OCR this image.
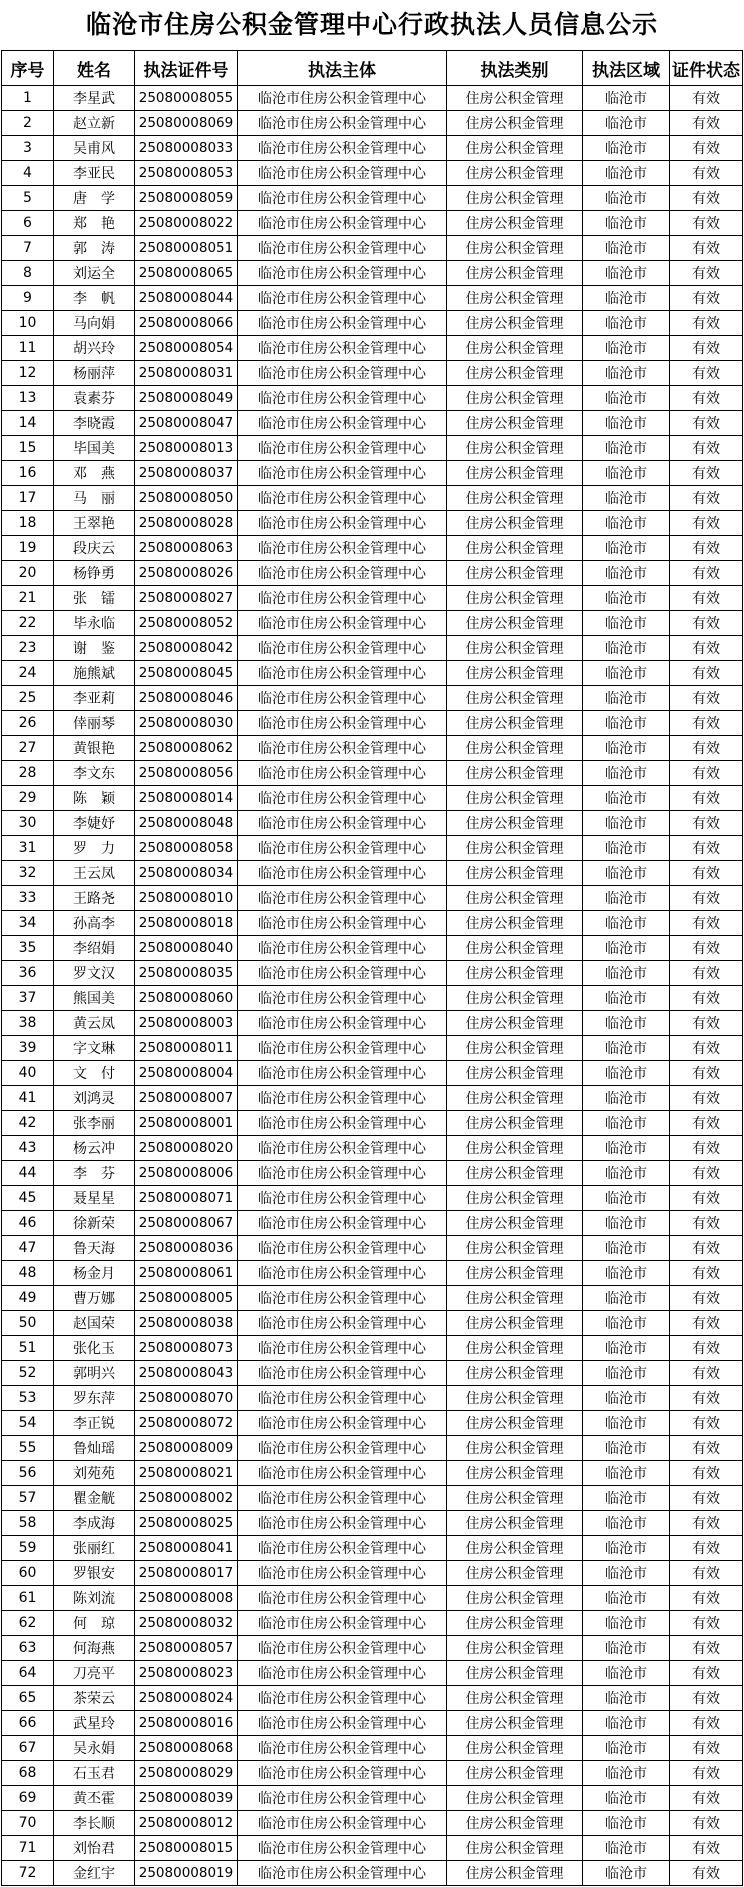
临沧市住房公积金管理中心行政执法人员信息公示
序号	姓名	执法证件号	执法主体	执法类别	执法区域	证件状态
1	李星武	25080008055	临沧市住房公积金管理中心	住房公积金管理	临沧市	有效
2	赵立新	25080008069	临沧市住房公积金管理中心	住房公积金管理	临沧市	有效
3	吴甫风	25080008033	临沧市住房公积金管理中心	住房公积金管理	临沧市	有效
4	李亚民	25080008053	临沧市住房公积金管理中心	住房公积金管理	临沧市	有效
5	唐　学	25080008059	临沧市住房公积金管理中心	住房公积金管理	临沧市	有效
6	郑　艳	25080008022	临沧市住房公积金管理中心	住房公积金管理	临沧市	有效
7	郭　涛	25080008051	临沧市住房公积金管理中心	住房公积金管理	临沧市	有效
8	刘运全	25080008065	临沧市住房公积金管理中心	住房公积金管理	临沧市	有效
9	李　帆	25080008044	临沧市住房公积金管理中心	住房公积金管理	临沧市	有效
10	马向娟	25080008066	临沧市住房公积金管理中心	住房公积金管理	临沧市	有效
11	胡兴玲	25080008054	临沧市住房公积金管理中心	住房公积金管理	临沧市	有效
12	杨丽萍	25080008031	临沧市住房公积金管理中心	住房公积金管理	临沧市	有效
13	袁素芬	25080008049	临沧市住房公积金管理中心	住房公积金管理	临沧市	有效
14	李晓霞	25080008047	临沧市住房公积金管理中心	住房公积金管理	临沧市	有效
15	毕国美	25080008013	临沧市住房公积金管理中心	住房公积金管理	临沧市	有效
16	邓　燕	25080008037	临沧市住房公积金管理中心	住房公积金管理	临沧市	有效
17	马　丽	25080008050	临沧市住房公积金管理中心	住房公积金管理	临沧市	有效
18	王翠艳	25080008028	临沧市住房公积金管理中心	住房公积金管理	临沧市	有效
19	段庆云	25080008063	临沧市住房公积金管理中心	住房公积金管理	临沧市	有效
20	杨铮勇	25080008026	临沧市住房公积金管理中心	住房公积金管理	临沧市	有效
21	张　镭	25080008027	临沧市住房公积金管理中心	住房公积金管理	临沧市	有效
22	毕永临	25080008052	临沧市住房公积金管理中心	住房公积金管理	临沧市	有效
23	谢　鉴	25080008042	临沧市住房公积金管理中心	住房公积金管理	临沧市	有效
24	施熊斌	25080008045	临沧市住房公积金管理中心	住房公积金管理	临沧市	有效
25	李亚莉	25080008046	临沧市住房公积金管理中心	住房公积金管理	临沧市	有效
26	倖丽琴	25080008030	临沧市住房公积金管理中心	住房公积金管理	临沧市	有效
27	黄银艳	25080008062	临沧市住房公积金管理中心	住房公积金管理	临沧市	有效
28	李文东	25080008056	临沧市住房公积金管理中心	住房公积金管理	临沧市	有效
29	陈　颖	25080008014	临沧市住房公积金管理中心	住房公积金管理	临沧市	有效
30	李婕妤	25080008048	临沧市住房公积金管理中心	住房公积金管理	临沧市	有效
31	罗　力	25080008058	临沧市住房公积金管理中心	住房公积金管理	临沧市	有效
32	王云凤	25080008034	临沧市住房公积金管理中心	住房公积金管理	临沧市	有效
33	王路尧	25080008010	临沧市住房公积金管理中心	住房公积金管理	临沧市	有效
34	孙高李	25080008018	临沧市住房公积金管理中心	住房公积金管理	临沧市	有效
35	李绍娟	25080008040	临沧市住房公积金管理中心	住房公积金管理	临沧市	有效
36	罗文汉	25080008035	临沧市住房公积金管理中心	住房公积金管理	临沧市	有效
37	熊国美	25080008060	临沧市住房公积金管理中心	住房公积金管理	临沧市	有效
38	黄云凤	25080008003	临沧市住房公积金管理中心	住房公积金管理	临沧市	有效
39	字文琳	25080008011	临沧市住房公积金管理中心	住房公积金管理	临沧市	有效
40	文　付	25080008004	临沧市住房公积金管理中心	住房公积金管理	临沧市	有效
41	刘鸿灵	25080008007	临沧市住房公积金管理中心	住房公积金管理	临沧市	有效
42	张李丽	25080008001	临沧市住房公积金管理中心	住房公积金管理	临沧市	有效
43	杨云冲	25080008020	临沧市住房公积金管理中心	住房公积金管理	临沧市	有效
44	李　芬	25080008006	临沧市住房公积金管理中心	住房公积金管理	临沧市	有效
45	聂星星	25080008071	临沧市住房公积金管理中心	住房公积金管理	临沧市	有效
46	徐新荣	25080008067	临沧市住房公积金管理中心	住房公积金管理	临沧市	有效
47	鲁天海	25080008036	临沧市住房公积金管理中心	住房公积金管理	临沧市	有效
48	杨金月	25080008061	临沧市住房公积金管理中心	住房公积金管理	临沧市	有效
49	曹万娜	25080008005	临沧市住房公积金管理中心	住房公积金管理	临沧市	有效
50	赵国荣	25080008038	临沧市住房公积金管理中心	住房公积金管理	临沧市	有效
51	张化玉	25080008073	临沧市住房公积金管理中心	住房公积金管理	临沧市	有效
52	郭明兴	25080008043	临沧市住房公积金管理中心	住房公积金管理	临沧市	有效
53	罗东萍	25080008070	临沧市住房公积金管理中心	住房公积金管理	临沧市	有效
54	李正锐	25080008072	临沧市住房公积金管理中心	住房公积金管理	临沧市	有效
55	鲁灿瑶	25080008009	临沧市住房公积金管理中心	住房公积金管理	临沧市	有效
56	刘苑苑	25080008021	临沧市住房公积金管理中心	住房公积金管理	临沧市	有效
57	瞿金觥	25080008002	临沧市住房公积金管理中心	住房公积金管理	临沧市	有效
58	李成海	25080008025	临沧市住房公积金管理中心	住房公积金管理	临沧市	有效
59	张丽红	25080008041	临沧市住房公积金管理中心	住房公积金管理	临沧市	有效
60	罗银安	25080008017	临沧市住房公积金管理中心	住房公积金管理	临沧市	有效
61	陈刘流	25080008008	临沧市住房公积金管理中心	住房公积金管理	临沧市	有效
62	何　琼	25080008032	临沧市住房公积金管理中心	住房公积金管理	临沧市	有效
63	何海燕	25080008057	临沧市住房公积金管理中心	住房公积金管理	临沧市	有效
64	刀亮平	25080008023	临沧市住房公积金管理中心	住房公积金管理	临沧市	有效
65	茶荣云	25080008024	临沧市住房公积金管理中心	住房公积金管理	临沧市	有效
66	武星玲	25080008016	临沧市住房公积金管理中心	住房公积金管理	临沧市	有效
67	吴永娟	25080008068	临沧市住房公积金管理中心	住房公积金管理	临沧市	有效
68	石玉君	25080008029	临沧市住房公积金管理中心	住房公积金管理	临沧市	有效
69	黄丕霍	25080008039	临沧市住房公积金管理中心	住房公积金管理	临沧市	有效
70	李长顺	25080008012	临沧市住房公积金管理中心	住房公积金管理	临沧市	有效
71	刘怡君	25080008015	临沧市住房公积金管理中心	住房公积金管理	临沧市	有效
72	金红宇	25080008019	临沧市住房公积金管理中心	住房公积金管理	临沧市	有效
